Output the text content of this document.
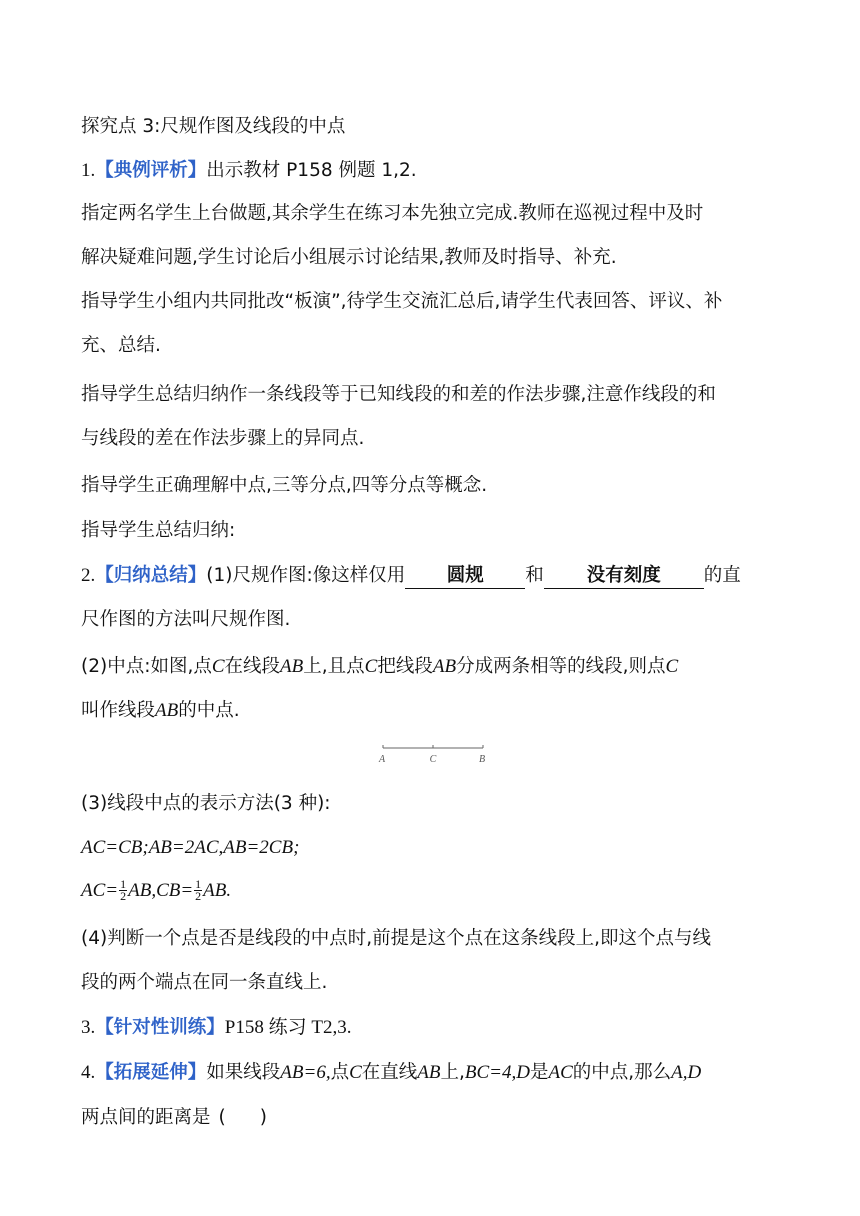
探究点 3:尺规作图及线段的中点
1.【典例评析】出示教材 P158 例题 1,2.
指定两名学生上台做题,其余学生在练习本先独立完成.教师在巡视过程中及时
解决疑难问题,学生讨论后小组展示讨论结果,教师及时指导、补充.
指导学生小组内共同批改“板演”,待学生交流汇总后,请学生代表回答、评议、补
充、总结.
指导学生总结归纳作一条线段等于已知线段的和差的作法步骤,注意作线段的和
与线段的差在作法步骤上的异同点.
指导学生正确理解中点,三等分点,四等分点等概念.
指导学生总结归纳:
2.【归纳总结】(1)尺规作图:像这样仅用 圆规 和 没有刻度 的直
尺作图的方法叫尺规作图.
(2)中点:如图,点C在线段AB上,且点C把线段AB分成两条相等的线段,则点C
叫作线段AB的中点.
A	C	B
(3)线段中点的表示方法(3 种):
AC=CB;AB=2AC,AB=2CB;
$AC= \frac{1}{2} AB,CB= \frac{1}{2}$ AB.
(4)判断一个点是否是线段的中点时,前提是这个点在这条线段上,即这个点与线
段的两个端点在同一条直线上.
3.【针对性训练】P158 练习 T2,3.
4.【拓展延伸】如果线段AB=6,点C在直线AB上,BC=4,D是AC的中点,那么A,D
两点间的距离是 ( )
